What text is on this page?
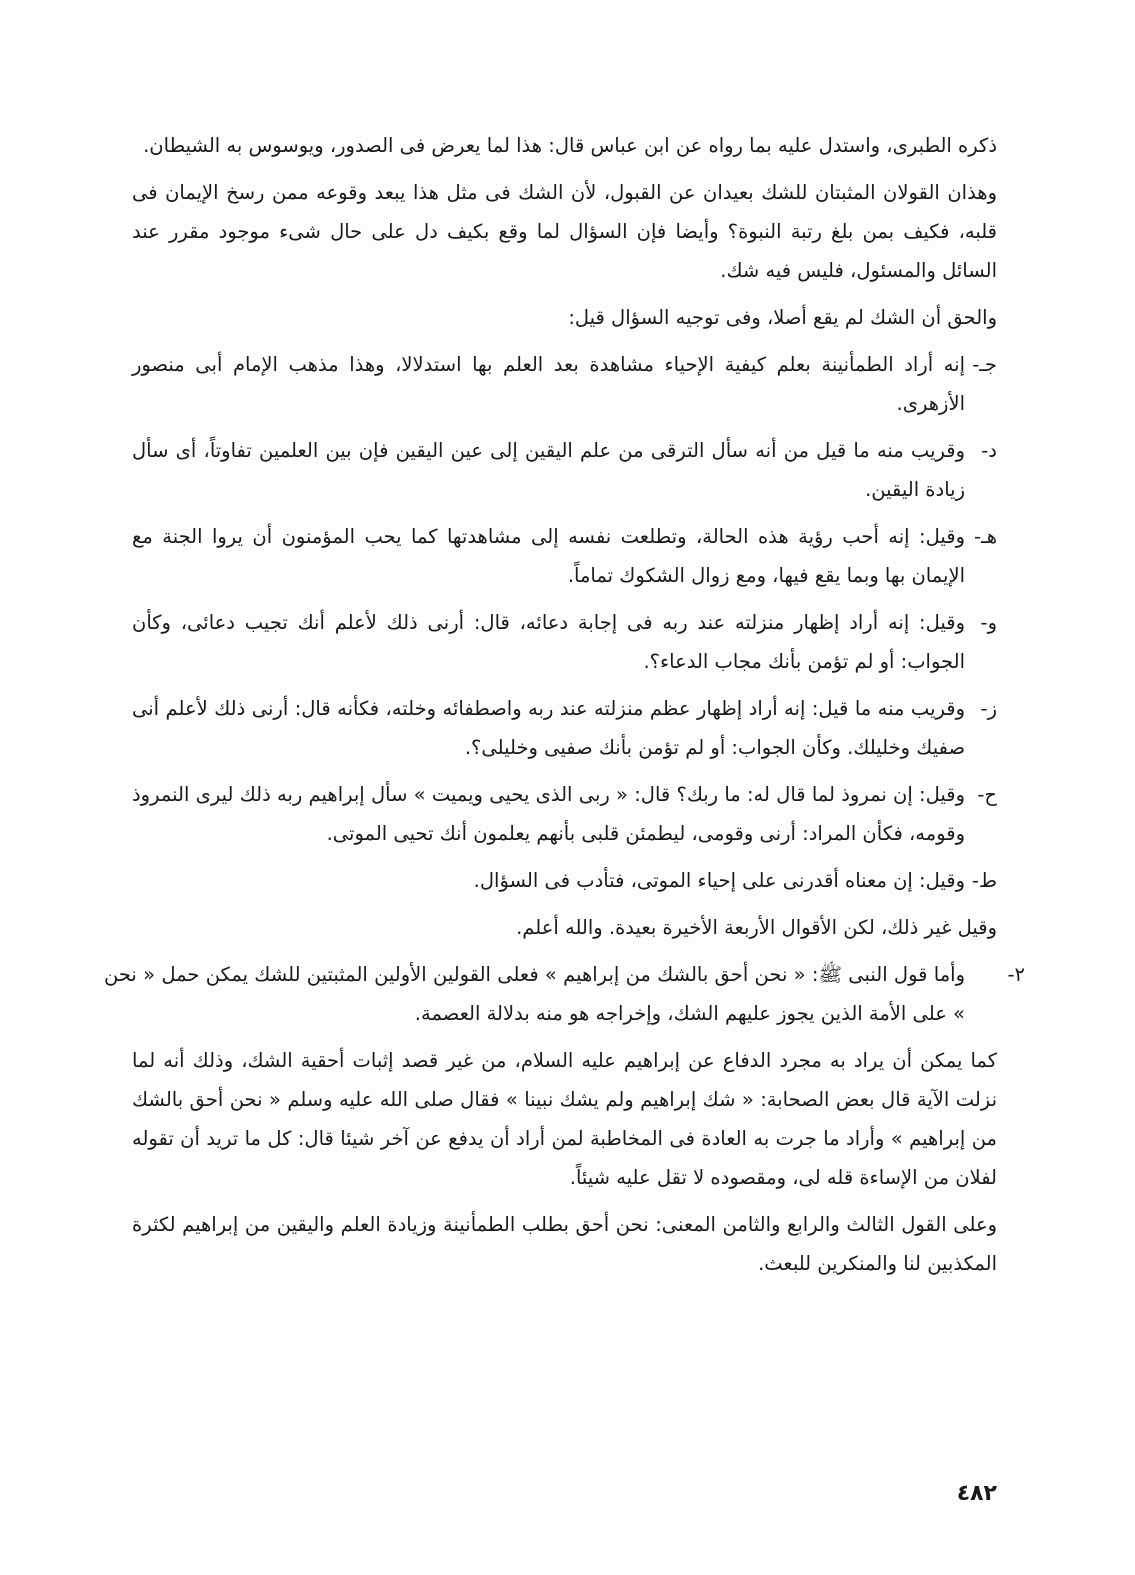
ذكره الطبرى، واستدل عليه بما رواه عن ابن عباس قال: هذا لما يعرض فى الصدور، ويوسوس به الشيطان.

وهذان القولان المثبتان للشك بعيدان عن القبول، لأن الشك فى مثل هذا يبعد وقوعه ممن رسخ الإيمان فى قلبه، فكيف بمن بلغ رتبة النبوة؟ وأيضا فإن السؤال لما وقع بكيف دل على حال شىء موجود مقرر عند السائل والمسئول، فليس فيه شك.

والحق أن الشك لم يقع أصلا، وفى توجيه السؤال قيل:

جـ-
إنه أراد الطمأنينة بعلم كيفية الإحياء مشاهدة بعد العلم بها استدلالا، وهذا مذهب الإمام أبى منصور الأزهرى.
د-
وقريب منه ما قيل من أنه سأل الترقى من علم اليقين إلى عين اليقين فإن بين العلمين تفاوتاً، أى سأل زيادة اليقين.
هـ-
وقيل: إنه أحب رؤية هذه الحالة، وتطلعت نفسه إلى مشاهدتها كما يحب المؤمنون أن يروا الجنة مع الإيمان بها وبما يقع فيها، ومع زوال الشكوك تماماً.
و-
وقيل: إنه أراد إظهار منزلته عند ربه فى إجابة دعائه، قال: أرنى ذلك لأعلم أنك تجيب دعائى، وكأن الجواب: أو لم تؤمن بأنك مجاب الدعاء؟.
ز-
وقريب منه ما قيل: إنه أراد إظهار عظم منزلته عند ربه واصطفائه وخلته، فكأنه قال: أرنى ذلك لأعلم أنى صفيك وخليلك. وكأن الجواب: أو لم تؤمن بأنك صفيى وخليلى؟.
ح-
وقيل: إن نمروذ لما قال له: ما ربك؟ قال: « ربى الذى يحيى ويميت » سأل إبراهيم ربه ذلك ليرى النمروذ وقومه، فكأن المراد: أرنى وقومى، ليطمئن قلبى بأنهم يعلمون أنك تحيى الموتى.
ط-
وقيل: إن معناه أقدرنى على إحياء الموتى، فتأدب فى السؤال.

وقيل غير ذلك، لكن الأقوال الأربعة الأخيرة بعيدة. والله أعلم.

٢-
وأما قول النبى ﷺ: « نحن أحق بالشك من إبراهيم » فعلى القولين الأولين المثبتين للشك يمكن حمل « نحن » على الأمة الذين يجوز عليهم الشك، وإخراجه هو منه بدلالة العصمة.

كما يمكن أن يراد به مجرد الدفاع عن إبراهيم عليه السلام، من غير قصد إثبات أحقية الشك، وذلك أنه لما نزلت الآية قال بعض الصحابة: « شك إبراهيم ولم يشك نبينا » فقال صلى الله عليه وسلم « نحن أحق بالشك من إبراهيم » وأراد ما جرت به العادة فى المخاطبة لمن أراد أن يدفع عن آخر شيئا قال: كل ما تريد أن تقوله لفلان من الإساءة قله لى، ومقصوده لا تقل عليه شيئاً.

وعلى القول الثالث والرابع والثامن المعنى: نحن أحق بطلب الطمأنينة وزيادة العلم واليقين من إبراهيم لكثرة المكذبين لنا والمنكرين للبعث.

٤٨٢
